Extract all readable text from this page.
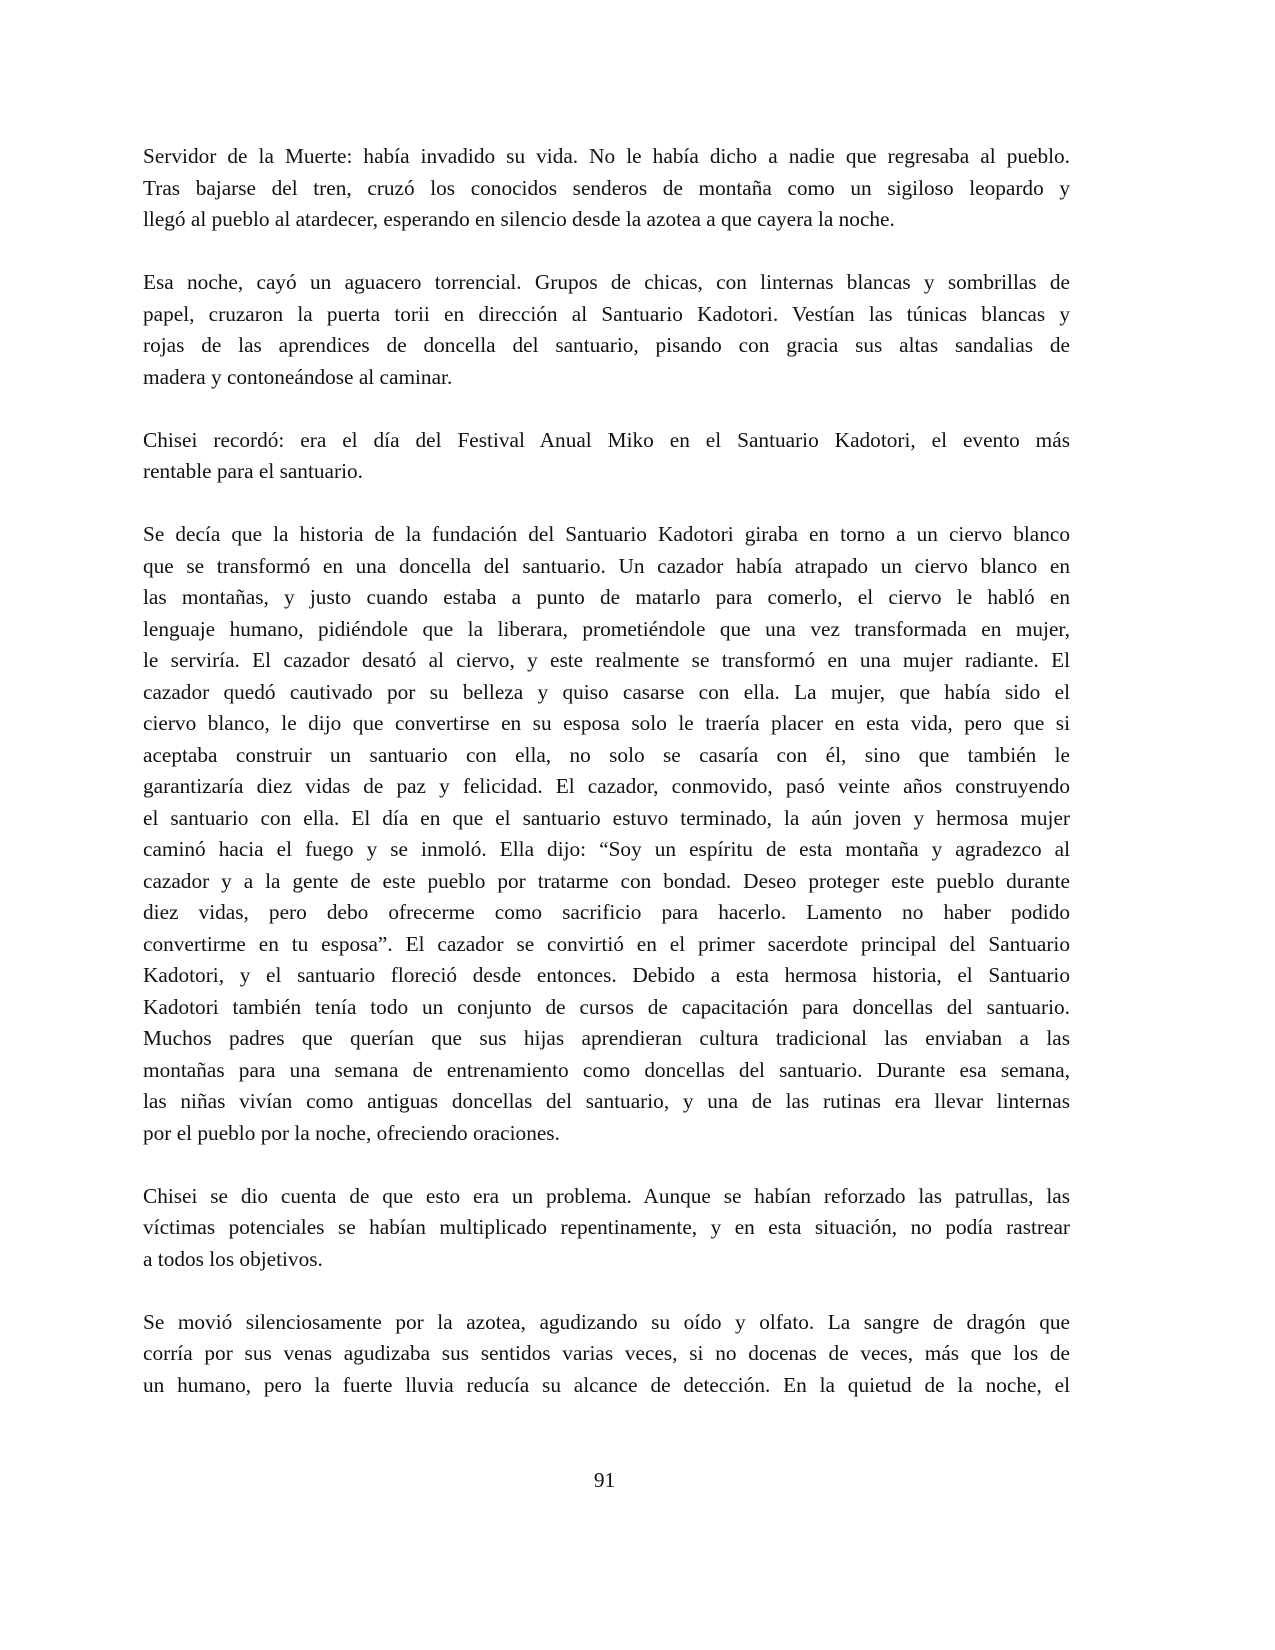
Servidor de la Muerte: había invadido su vida. No le había dicho a nadie que regresaba al pueblo.
Tras bajarse del tren, cruzó los conocidos senderos de montaña como un sigiloso leopardo y
llegó al pueblo al atardecer, esperando en silencio desde la azotea a que cayera la noche.
Esa noche, cayó un aguacero torrencial. Grupos de chicas, con linternas blancas y sombrillas de
papel, cruzaron la puerta torii en dirección al Santuario Kadotori. Vestían las túnicas blancas y
rojas de las aprendices de doncella del santuario, pisando con gracia sus altas sandalias de
madera y contoneándose al caminar.
Chisei recordó: era el día del Festival Anual Miko en el Santuario Kadotori, el evento más
rentable para el santuario.
Se decía que la historia de la fundación del Santuario Kadotori giraba en torno a un ciervo blanco
que se transformó en una doncella del santuario. Un cazador había atrapado un ciervo blanco en
las montañas, y justo cuando estaba a punto de matarlo para comerlo, el ciervo le habló en
lenguaje humano, pidiéndole que la liberara, prometiéndole que una vez transformada en mujer,
le serviría. El cazador desató al ciervo, y este realmente se transformó en una mujer radiante. El
cazador quedó cautivado por su belleza y quiso casarse con ella. La mujer, que había sido el
ciervo blanco, le dijo que convertirse en su esposa solo le traería placer en esta vida, pero que si
aceptaba construir un santuario con ella, no solo se casaría con él, sino que también le
garantizaría diez vidas de paz y felicidad. El cazador, conmovido, pasó veinte años construyendo
el santuario con ella. El día en que el santuario estuvo terminado, la aún joven y hermosa mujer
caminó hacia el fuego y se inmoló. Ella dijo: “Soy un espíritu de esta montaña y agradezco al
cazador y a la gente de este pueblo por tratarme con bondad. Deseo proteger este pueblo durante
diez vidas, pero debo ofrecerme como sacrificio para hacerlo. Lamento no haber podido
convertirme en tu esposa”. El cazador se convirtió en el primer sacerdote principal del Santuario
Kadotori, y el santuario floreció desde entonces. Debido a esta hermosa historia, el Santuario
Kadotori también tenía todo un conjunto de cursos de capacitación para doncellas del santuario.
Muchos padres que querían que sus hijas aprendieran cultura tradicional las enviaban a las
montañas para una semana de entrenamiento como doncellas del santuario. Durante esa semana,
las niñas vivían como antiguas doncellas del santuario, y una de las rutinas era llevar linternas
por el pueblo por la noche, ofreciendo oraciones.
Chisei se dio cuenta de que esto era un problema. Aunque se habían reforzado las patrullas, las
víctimas potenciales se habían multiplicado repentinamente, y en esta situación, no podía rastrear
a todos los objetivos.
Se movió silenciosamente por la azotea, agudizando su oído y olfato. La sangre de dragón que
corría por sus venas agudizaba sus sentidos varias veces, si no docenas de veces, más que los de
un humano, pero la fuerte lluvia reducía su alcance de detección. En la quietud de la noche, el
91
